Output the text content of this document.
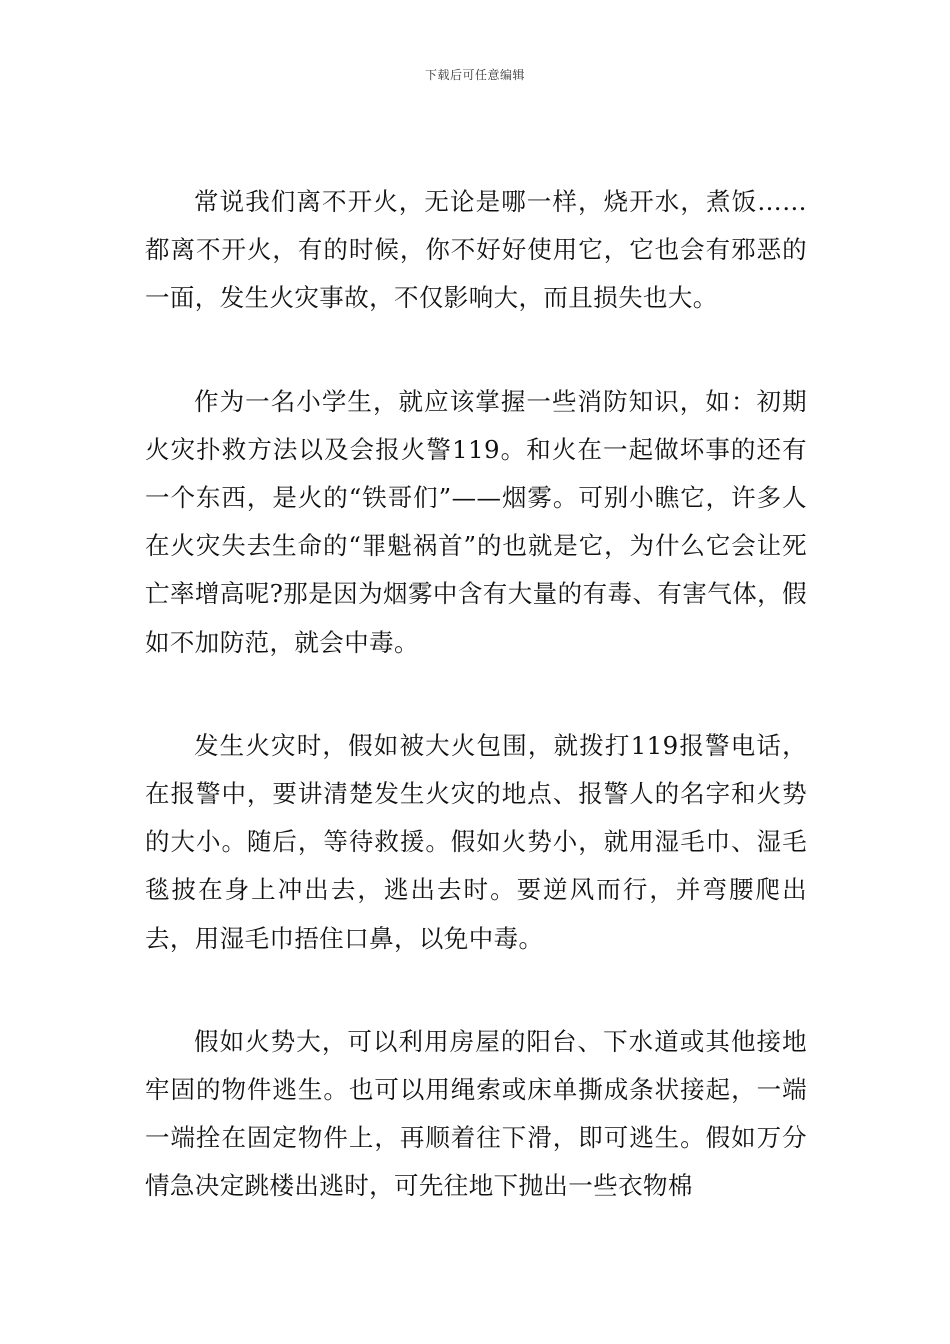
下载后可任意编辑

常说我们离不开火，无论是哪一样，烧开水，煮饭……都离不开火，有的时候，你不好好使用它，它也会有邪恶的一面，发生火灾事故，不仅影响大，而且损失也大。

作为一名小学生，就应该掌握一些消防知识，如：初期火灾扑救方法以及会报火警119。和火在一起做坏事的还有一个东西，是火的“铁哥们”——烟雾。可别小瞧它，许多人在火灾失去生命的“罪魁祸首”的也就是它，为什么它会让死亡率增高呢?那是因为烟雾中含有大量的有毒、有害气体，假如不加防范，就会中毒。

发生火灾时，假如被大火包围，就拨打119报警电话，在报警中，要讲清楚发生火灾的地点、报警人的名字和火势的大小。随后，等待救援。假如火势小，就用湿毛巾、湿毛毯披在身上冲出去，逃出去时。要逆风而行，并弯腰爬出去，用湿毛巾捂住口鼻，以免中毒。

假如火势大，可以利用房屋的阳台、下水道或其他接地牢固的物件逃生。也可以用绳索或床单撕成条状接起，一端一端拴在固定物件上，再顺着往下滑，即可逃生。假如万分情急决定跳楼出逃时，可先往地下抛出一些衣物棉
